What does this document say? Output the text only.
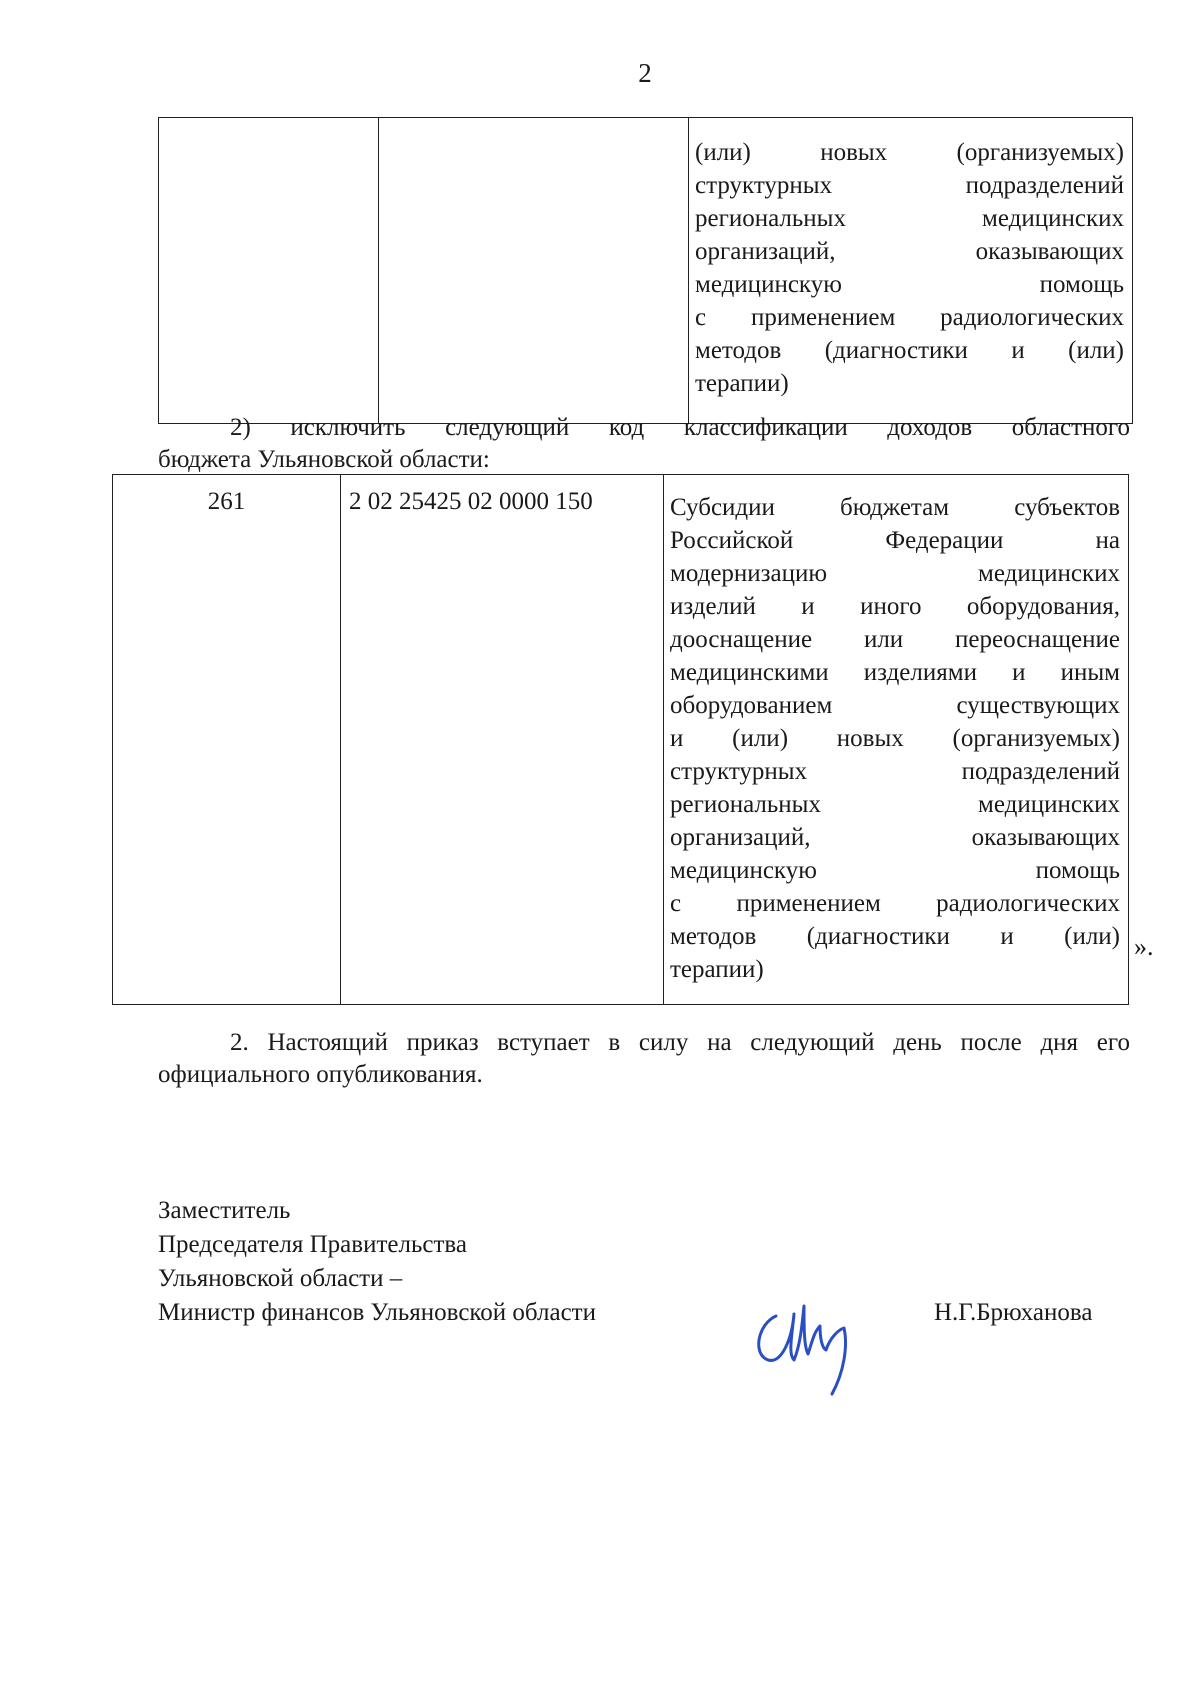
2

(или) новых (организуемых)
структурных подразделений
региональных медицинских
организаций, оказывающих
медицинскую помощь
с применением радиологических
методов (диагностики и (или)
терапии)
2) исключить следующий код классификации доходов областного
бюджета Ульяновской области:
261	2 02 25425 02 0000 150	Субсидии бюджетам субъектов
Российской Федерации на
модернизацию медицинских
изделий и иного оборудования,
дооснащение или переоснащение
медицинскими изделиями и иным
оборудованием существующих
и (или) новых (организуемых)
структурных подразделений
региональных медицинских
организаций, оказывающих
медицинскую помощь
с применением радиологических
методов (диагностики и (или)
терапии)
».
2. Настоящий приказ вступает в силу на следующий день после дня его
официального опубликования.
Заместитель
Председателя Правительства
Ульяновской области –
Министр финансов Ульяновской области	Н.Г.Брюханова
